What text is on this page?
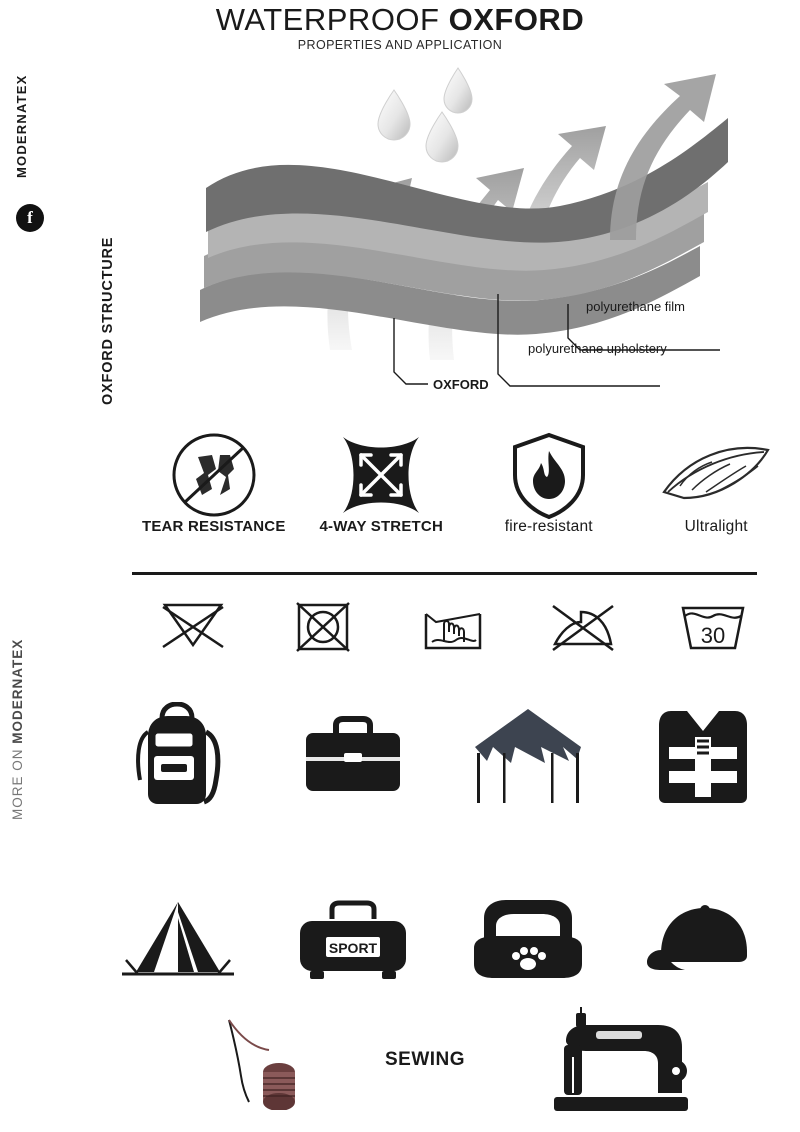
WATERPROOF OXFORD
PROPERTIES AND APPLICATION
MODERNATEX
f
OXFORD STRUCTURE
MORE ON MODERNATEX
polyurethane film
polyurethane upholstery
OXFORD
TEAR RESISTANCE 4-WAY STRETCH	fire-resistant	Ultralight
30
SPORT
SEWING
